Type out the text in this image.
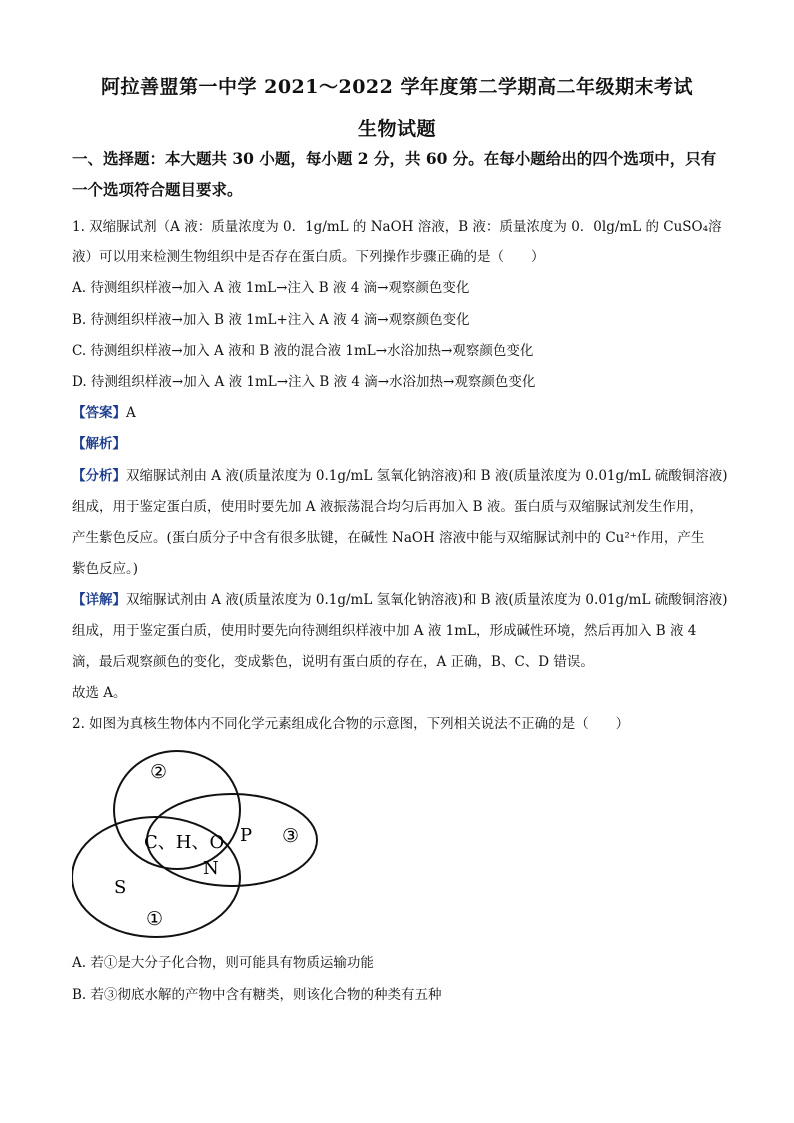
阿拉善盟第一中学 2021～2022 学年度第二学期高二年级期末考试
生物试题
一、选择题：本大题共 30 小题，每小题 2 分，共 60 分。在每小题给出的四个选项中，只有
一个选项符合题目要求。
1. 双缩脲试剂（A 液：质量浓度为 0．1g/mL 的 NaOH 溶液，B 液：质量浓度为 0．0lg/mL 的 CuSO₄溶
液）可以用来检测生物组织中是否存在蛋白质。下列操作步骤正确的是（　　）
A. 待测组织样液→加入 A 液 1mL→注入 B 液 4 滴→观察颜色变化
B. 待测组织样液→加入 B 液 1mL+注入 A 液 4 滴→观察颜色变化
C. 待测组织样液→加入 A 液和 B 液的混合液 1mL→水浴加热→观察颜色变化
D. 待测组织样液→加入 A 液 1mL→注入 B 液 4 滴→水浴加热→观察颜色变化
【答案】A
【解析】
【分析】双缩脲试剂由 A 液(质量浓度为 0.1g/mL 氢氧化钠溶液)和 B 液(质量浓度为 0.01g/mL 硫酸铜溶液)
组成，用于鉴定蛋白质，使用时要先加 A 液振荡混合均匀后再加入 B 液。蛋白质与双缩脲试剂发生作用，
产生紫色反应。(蛋白质分子中含有很多肽键，在碱性 NaOH 溶液中能与双缩脲试剂中的 Cu²⁺作用，产生
紫色反应。)
【详解】双缩脲试剂由 A 液(质量浓度为 0.1g/mL 氢氧化钠溶液)和 B 液(质量浓度为 0.01g/mL 硫酸铜溶液)
组成，用于鉴定蛋白质，使用时要先向待测组织样液中加 A 液 1mL，形成碱性环境，然后再加入 B 液 4
滴，最后观察颜色的变化，变成紫色，说明有蛋白质的存在，A 正确，B、C、D 错误。
故选 A。
2. 如图为真核生物体内不同化学元素组成化合物的示意图，下列相关说法不正确的是（　　）
②
③
①
C、H、O
N
P
S
A. 若①是大分子化合物，则可能具有物质运输功能
B. 若③彻底水解的产物中含有糖类，则该化合物的种类有五种
